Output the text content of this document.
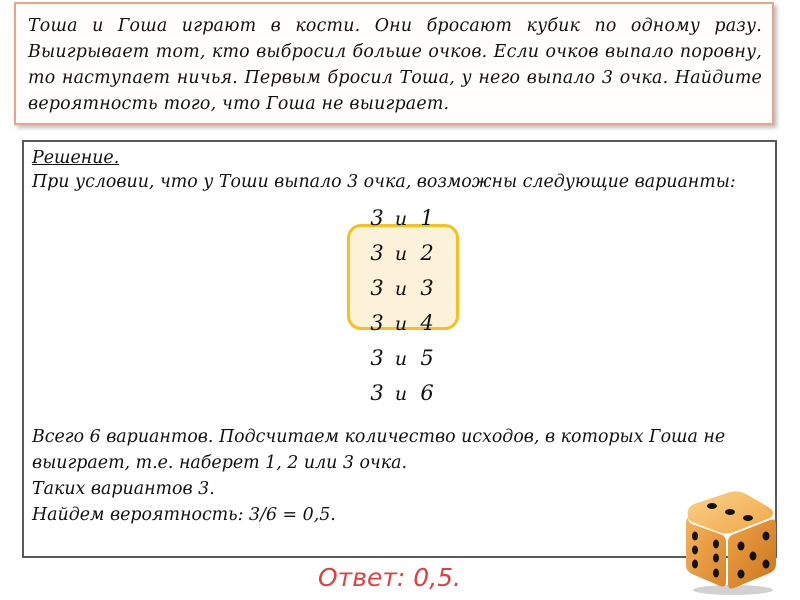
Тоша и Гоша играют в кости. Они бросают кубик по одному разу. Выигрывает тот, кто выбросил больше очков. Если очков выпало поровну, то наступает ничья. Первым бросил Тоша, у него выпало 3 очка. Найдите вероятность того, что Гоша не выиграет.

Решение.

При условии, что у Тоши выпало 3 очка, возможны следующие варианты:

3 и 1
3 и 2
3 и 3
3 и 4
3 и 5
3 и 6

Всего 6 вариантов. Подсчитаем количество исходов, в которых Гоша не выиграет, т.е. наберет 1, 2 или 3 очка.

Таких вариантов 3.

Найдем вероятность: 3/6 = 0,5.

Ответ: 0,5.
